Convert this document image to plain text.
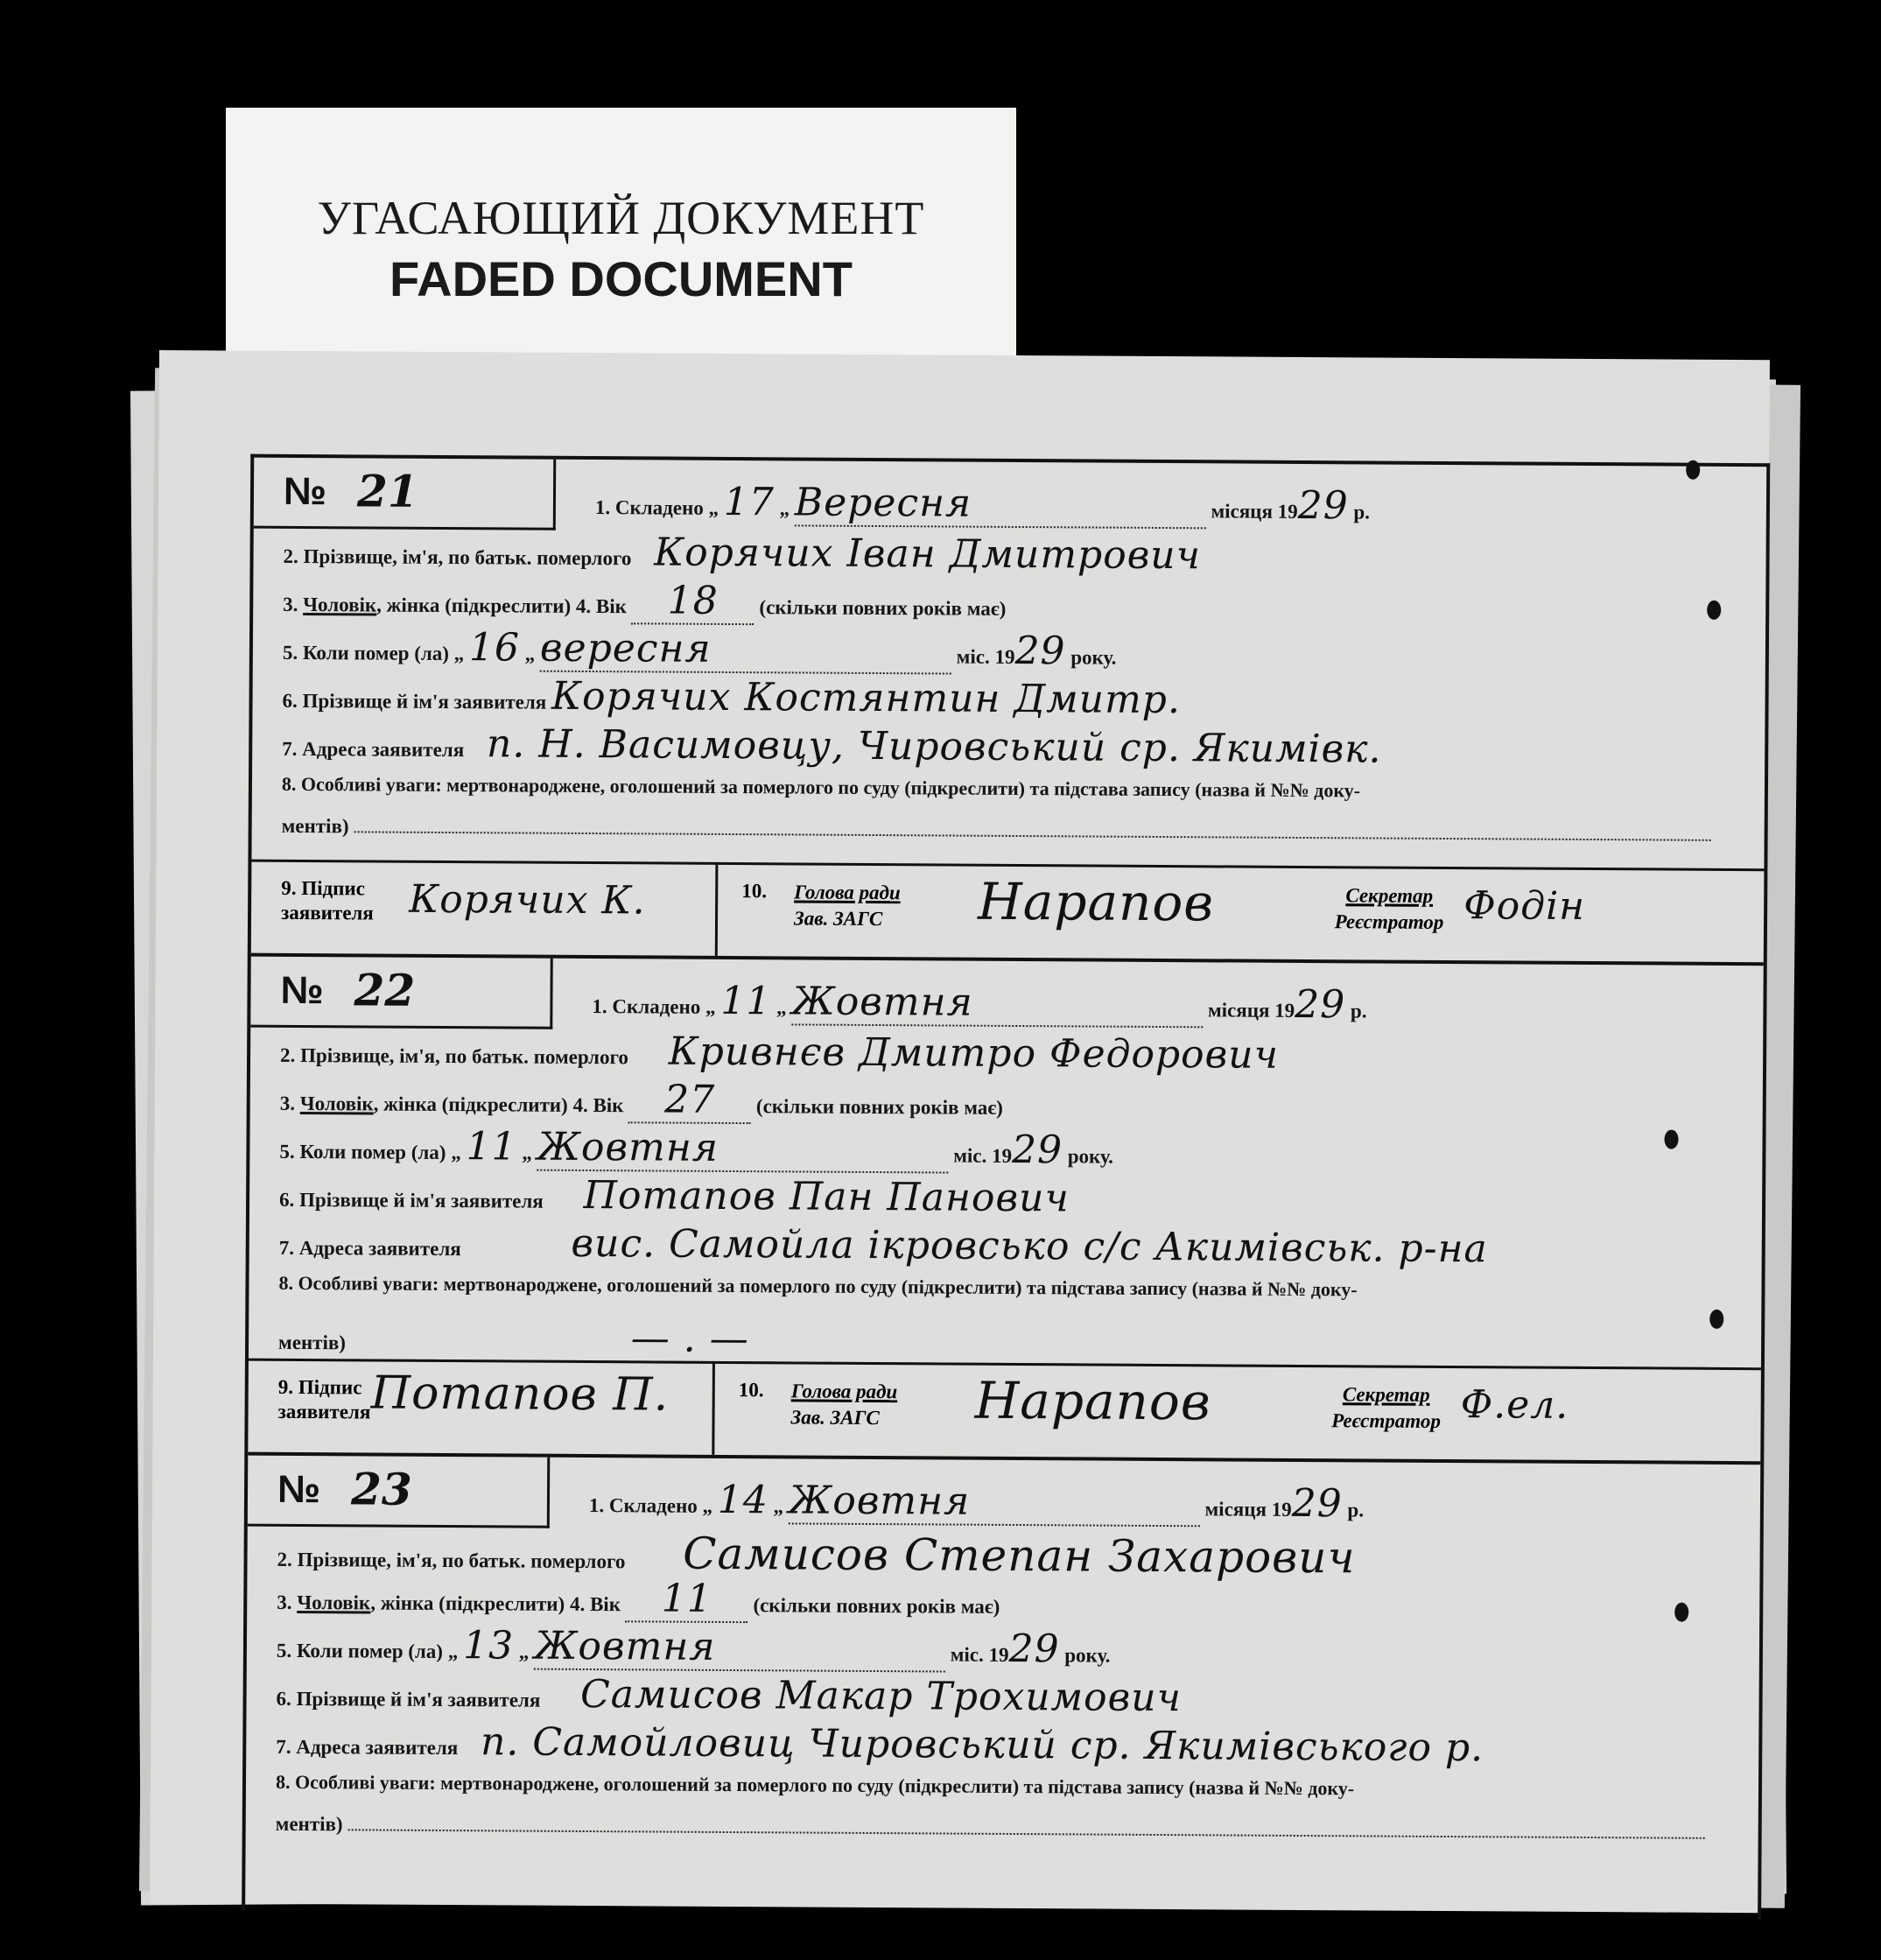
УГАСАЮЩИЙ ДОКУМЕНТ
FADED DOCUMENT
№ 21	1. Складено „ 17 „ Вересня	місяця 1929 р.
2. Прізвище, ім'я, по батьк. померлого Корячих Іван Дмитрович
3. Чоловік, жінка (підкреслити) 4. Вік 18 (скільки повних років має)
5. Коли помер (ла) „ 16 „ вересня	міс. 1929 року.
6. Прізвище й ім'я заявителя Корячих Костянтин Дмитр.
7. Адреса заявителя п. Н. Васимовцу, Чировський ср. Якимівк.
8. Особливі уваги: мертвонароджене, оголошений за померлого по суду (підкреслити) та підстава запису (назва й №№ доку-
ментів)
9. Підпис
заявителя Корячих К.	10. Голова ради
Зав. ЗАГС	Нарапов	Секретар
Реєстратор Фодін
№ 22	1. Складено „ 11 „ Жовтня	місяця 1929 р.
2. Прізвище, ім'я, по батьк. померлого Кривнєв Дмитро Федорович
3. Чоловік, жінка (підкреслити) 4. Вік 27 (скільки повних років має)
5. Коли помер (ла) „ 11 „ Жовтня	міс. 1929 року.
6. Прізвище й ім'я заявителя Потапов Пан Панович
7. Адреса заявителя	вис. Самойла ікровсько с/с Акимівськ. р-на
8. Особливі уваги: мертвонароджене, оголошений за померлого по суду (підкреслити) та підстава запису (назва й №№ доку-
ментів)	— . —
9. Підпис
заявителя Потапов П.	10. Голова ради
Зав. ЗАГС	Нарапов	Секретар
Реєстратор Ф.ел.
№ 23	1. Складено „ 14 „ Жовтня	місяця 1929 р.
2. Прізвище, ім'я, по батьк. померлого Самисов Степан Захарович
3. Чоловік, жінка (підкреслити) 4. Вік 11 (скільки повних років має)
5. Коли помер (ла) „ 13 „ Жовтня	міс. 1929 року.
6. Прізвище й ім'я заявителя Самисов Макар Трохимович
7. Адреса заявителя п. Самойловиц Чировський ср. Якимівського р.
8. Особливі уваги: мертвонароджене, оголошений за померлого по суду (підкреслити) та підстава запису (назва й №№ доку-
ментів)
